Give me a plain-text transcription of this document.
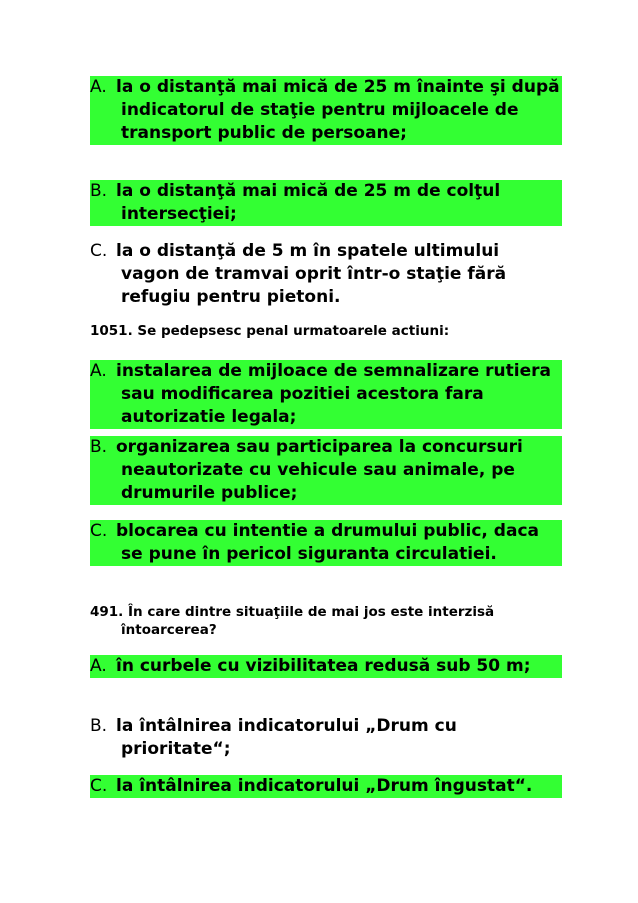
A. la o distanţă mai mică de 25 m înainte şi după indicatorul de staţie pentru mijloacele de transport public de persoane;
B. la o distanţă mai mică de 25 m de colţul intersecţiei;
C. la o distanţă de 5 m în spatele ultimului vagon de tramvai oprit într-o staţie fără refugiu pentru pietoni.
1051. Se pedepsesc penal urmatoarele actiuni:
A. instalarea de mijloace de semnalizare rutiera sau modificarea pozitiei acestora fara autorizatie legala;
B. organizarea sau participarea la concursuri neautorizate cu vehicule sau animale, pe drumurile publice;
C. blocarea cu intentie a drumului public, daca se pune în pericol siguranta circulatiei.
491. În care dintre situaţiile de mai jos este interzisă întoarcerea?
A. în curbele cu vizibilitatea redusă sub 50 m;
B. la întâlnirea indicatorului „Drum cu prioritate“;
C. la întâlnirea indicatorului „Drum îngustat“.
